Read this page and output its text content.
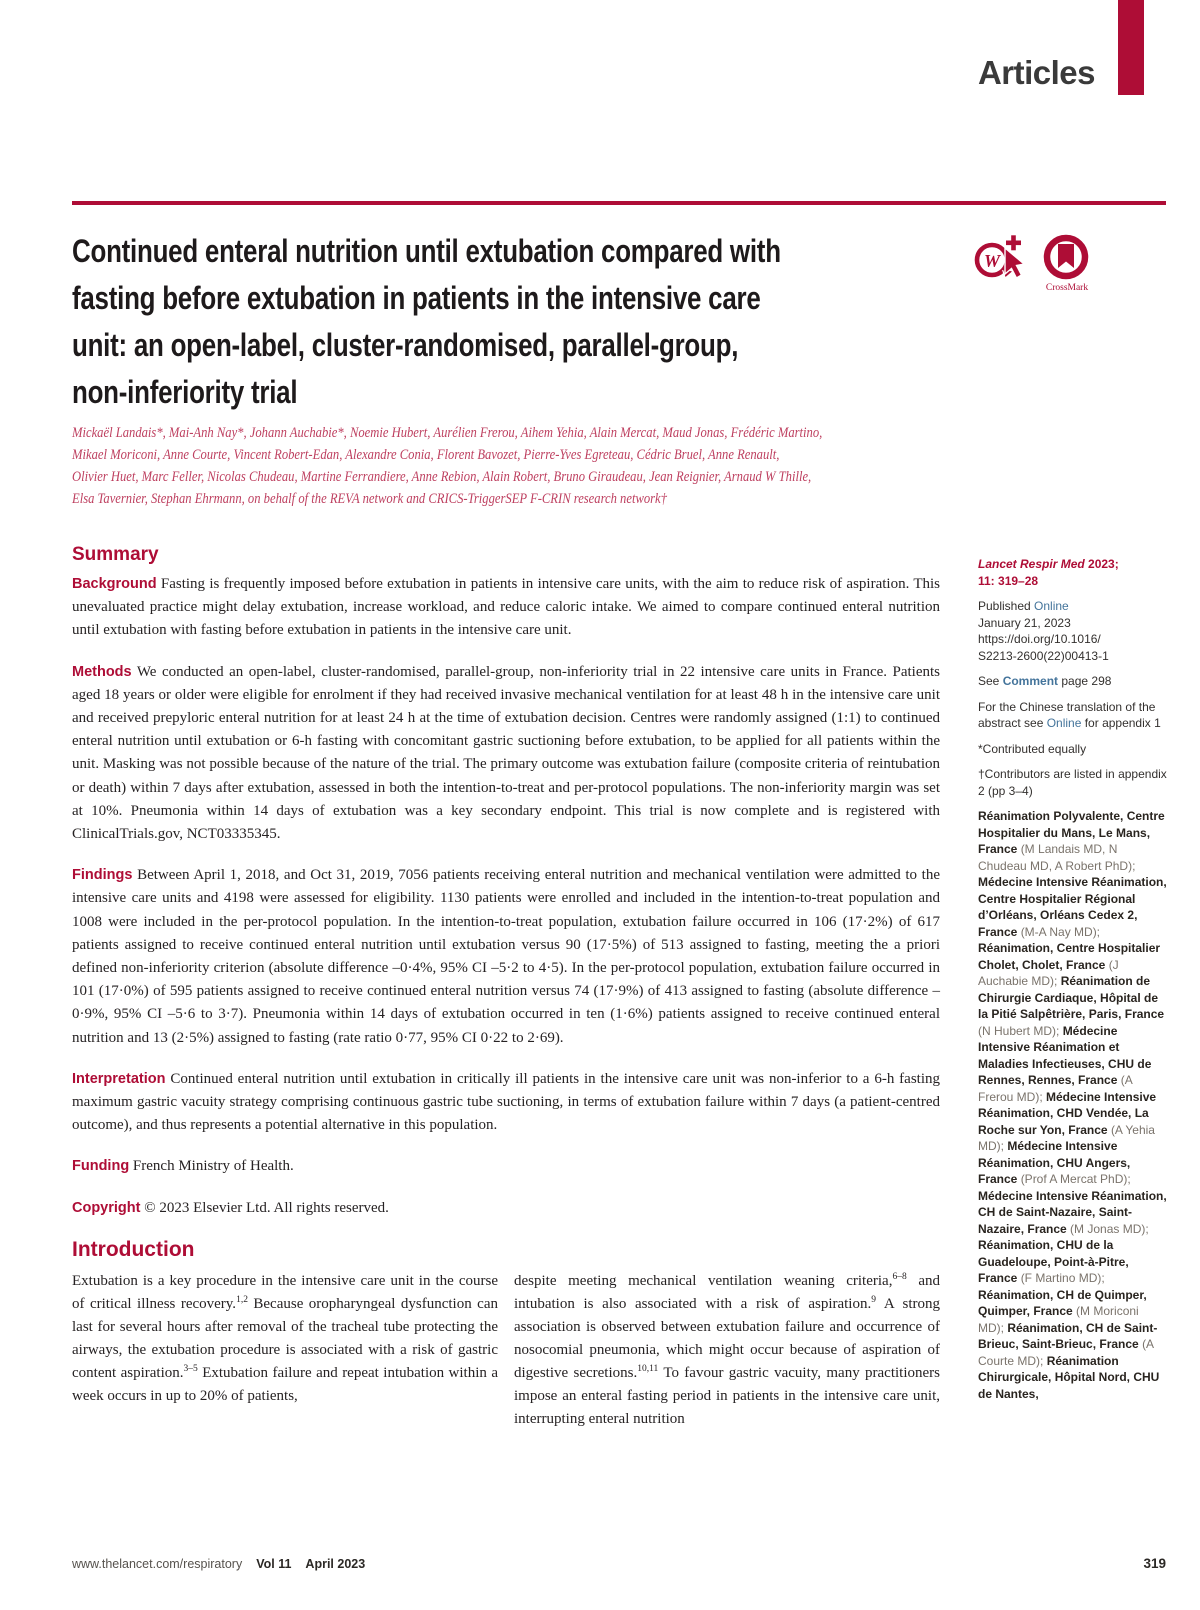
Articles
Continued enteral nutrition until extubation compared with
fasting before extubation in patients in the intensive care
unit: an open-label, cluster-randomised, parallel-group,
non-inferiority trial
W
CrossMark
Mickaël Landais*, Mai-Anh Nay*, Johann Auchabie*, Noemie Hubert, Aurélien Frerou, Aihem Yehia, Alain Mercat, Maud Jonas, Frédéric Martino,
Mikael Moriconi, Anne Courte, Vincent Robert-Edan, Alexandre Conia, Florent Bavozet, Pierre-Yves Egreteau, Cédric Bruel, Anne Renault,
Olivier Huet, Marc Feller, Nicolas Chudeau, Martine Ferrandiere, Anne Rebion, Alain Robert, Bruno Giraudeau, Jean Reignier, Arnaud W Thille,
Elsa Tavernier, Stephan Ehrmann, on behalf of the REVA network and CRICS-TriggerSEP F-CRIN research network†
Summary

Background Fasting is frequently imposed before extubation in patients in intensive care units, with the aim to reduce risk of aspiration. This unevaluated practice might delay extubation, increase workload, and reduce caloric intake. We aimed to compare continued enteral nutrition until extubation with fasting before extubation in patients in the intensive care unit.

Methods We conducted an open-label, cluster-randomised, parallel-group, non-inferiority trial in 22 intensive care units in France. Patients aged 18 years or older were eligible for enrolment if they had received invasive mechanical ventilation for at least 48 h in the intensive care unit and received prepyloric enteral nutrition for at least 24 h at the time of extubation decision. Centres were randomly assigned (1:1) to continued enteral nutrition until extubation or 6-h fasting with concomitant gastric suctioning before extubation, to be applied for all patients within the unit. Masking was not possible because of the nature of the trial. The primary outcome was extubation failure (composite criteria of reintubation or death) within 7 days after extubation, assessed in both the intention-to-treat and per-protocol populations. The non-inferiority margin was set at 10%. Pneumonia within 14 days of extubation was a key secondary endpoint. This trial is now complete and is registered with ClinicalTrials.gov, NCT03335345.

Findings Between April 1, 2018, and Oct 31, 2019, 7056 patients receiving enteral nutrition and mechanical ventilation were admitted to the intensive care units and 4198 were assessed for eligibility. 1130 patients were enrolled and included in the intention-to-treat population and 1008 were included in the per-protocol population. In the intention-to-treat population, extubation failure occurred in 106 (17·2%) of 617 patients assigned to receive continued enteral nutrition until extubation versus 90 (17·5%) of 513 assigned to fasting, meeting the a priori defined non-inferiority criterion (absolute difference –0·4%, 95% CI –5·2 to 4·5). In the per-protocol population, extubation failure occurred in 101 (17·0%) of 595 patients assigned to receive continued enteral nutrition versus 74 (17·9%) of 413 assigned to fasting (absolute difference –0·9%, 95% CI –5·6 to 3·7). Pneumonia within 14 days of extubation occurred in ten (1·6%) patients assigned to receive continued enteral nutrition and 13 (2·5%) assigned to fasting (rate ratio 0·77, 95% CI 0·22 to 2·69).

Interpretation Continued enteral nutrition until extubation in critically ill patients in the intensive care unit was non-inferior to a 6-h fasting maximum gastric vacuity strategy comprising continuous gastric tube suctioning, in terms of extubation failure within 7 days (a patient-centred outcome), and thus represents a potential alternative in this population.

Funding French Ministry of Health.

Copyright © 2023 Elsevier Ltd. All rights reserved.

Introduction

Extubation is a key procedure in the intensive care unit in the course of critical illness recovery.$^{1,2}$ Because oropharyngeal dysfunction can last for several hours after removal of the tracheal tube protecting the airways, the extubation procedure is associated with a risk of gastric content aspiration.$^{3-5}$ Extubation failure and repeat intubation within a week occurs in up to 20% of patients,

despite meeting mechanical ventilation weaning criteria,$^{6-8}$ and intubation is also associated with a risk of aspiration.$^9$ A strong association is observed between extubation failure and occurrence of nosocomial pneumonia, which might occur because of aspiration of digestive secretions.$^{10,11}$ To favour gastric vacuity, many practitioners impose an enteral fasting period in patients in the intensive care unit, interrupting enteral nutrition

Lancet Respir Med 2023;
11: 319–28

Published Online
January 21, 2023
https://doi.org/10.1016/
S2213-2600(22)00413-1

See Comment page 298

For the Chinese translation of the abstract see Online for appendix 1

*Contributed equally

†Contributors are listed in appendix 2 (pp 3–4)

Réanimation Polyvalente, Centre Hospitalier du Mans, Le Mans, France (M Landais MD, N Chudeau MD, A Robert PhD); Médecine Intensive Réanimation, Centre Hospitalier Régional d’Orléans, Orléans Cedex 2, France (M-A Nay MD); Réanimation, Centre Hospitalier Cholet, Cholet, France (J Auchabie MD); Réanimation de Chirurgie Cardiaque, Hôpital de la Pitié Salpêtrière, Paris, France (N Hubert MD); Médecine Intensive Réanimation et Maladies Infectieuses, CHU de Rennes, Rennes, France (A Frerou MD); Médecine Intensive Réanimation, CHD Vendée, La Roche sur Yon, France (A Yehia MD); Médecine Intensive Réanimation, CHU Angers, France (Prof A Mercat PhD); Médecine Intensive Réanimation, CH de Saint-Nazaire, Saint-Nazaire, France (M Jonas MD); Réanimation, CHU de la Guadeloupe, Point-à-Pitre, France (F Martino MD); Réanimation, CH de Quimper, Quimper, France (M Moriconi MD); Réanimation, CH de Saint-Brieuc, Saint-Brieuc, France (A Courte MD); Réanimation Chirurgicale, Hôpital Nord, CHU de Nantes,

www.thelancet.com/respiratory Vol 11 April 2023	319
